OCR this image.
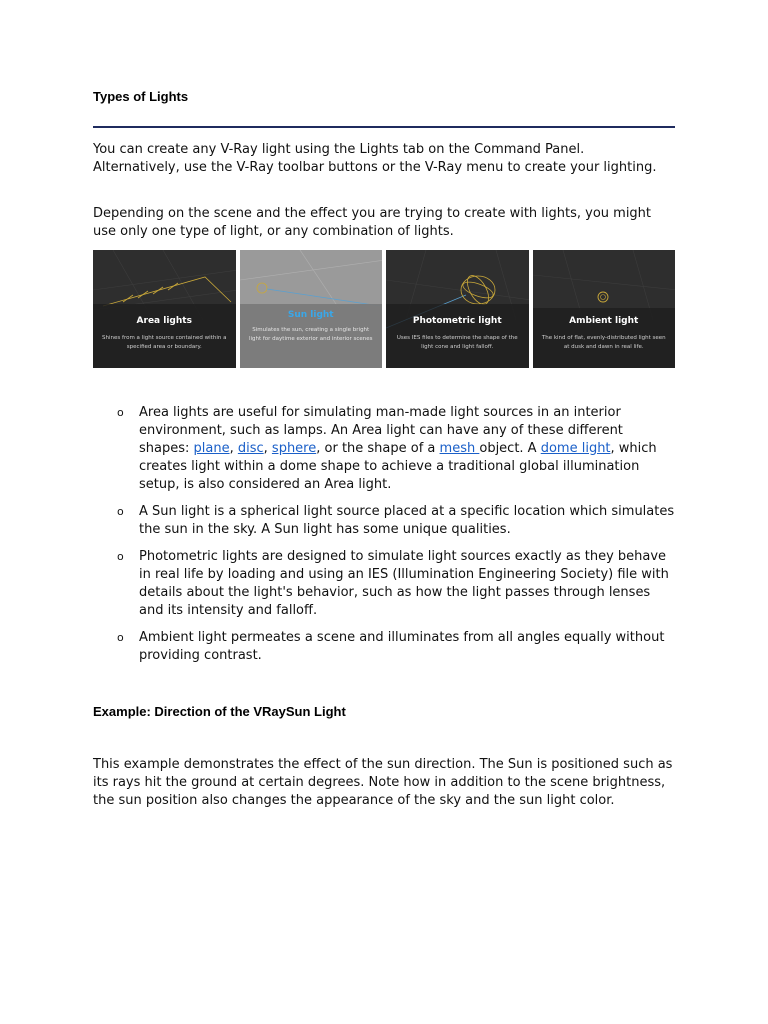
Types of Lights

You can create any V-Ray light using the Lights tab on the Command Panel. Alternatively, use the V-Ray toolbar buttons or the V-Ray menu to create your lighting.

Depending on the scene and the effect you are trying to create with lights, you might use only one type of light, or any combination of lights.

Area lights
Shines from a light source contained within a specified area or boundary.
Sun light
Simulates the sun, creating a single bright light for daytime exterior and interior scenes
Photometric light
Uses IES files to determine the shape of the light cone and light falloff.
Ambient light
The kind of flat, evenly-distributed light seen at dusk and dawn in real life.
o Area lights are useful for simulating man-made light sources in an interior environment, such as lamps. An Area light can have any of these different shapes: plane, disc, sphere, or the shape of a mesh object. A dome light, which creates light within a dome shape to achieve a traditional global illumination setup, is also considered an Area light.
o A Sun light is a spherical light source placed at a specific location which simulates the sun in the sky. A Sun light has some unique qualities.
o Photometric lights are designed to simulate light sources exactly as they behave in real life by loading and using an IES (Illumination Engineering Society) file with details about the light's behavior, such as how the light passes through lenses and its intensity and falloff.
o Ambient light permeates a scene and illuminates from all angles equally without providing contrast.
Example: Direction of the VRaySun Light

This example demonstrates the effect of the sun direction. The Sun is positioned such as its rays hit the ground at certain degrees. Note how in addition to the scene brightness, the sun position also changes the appearance of the sky and the sun light color.
